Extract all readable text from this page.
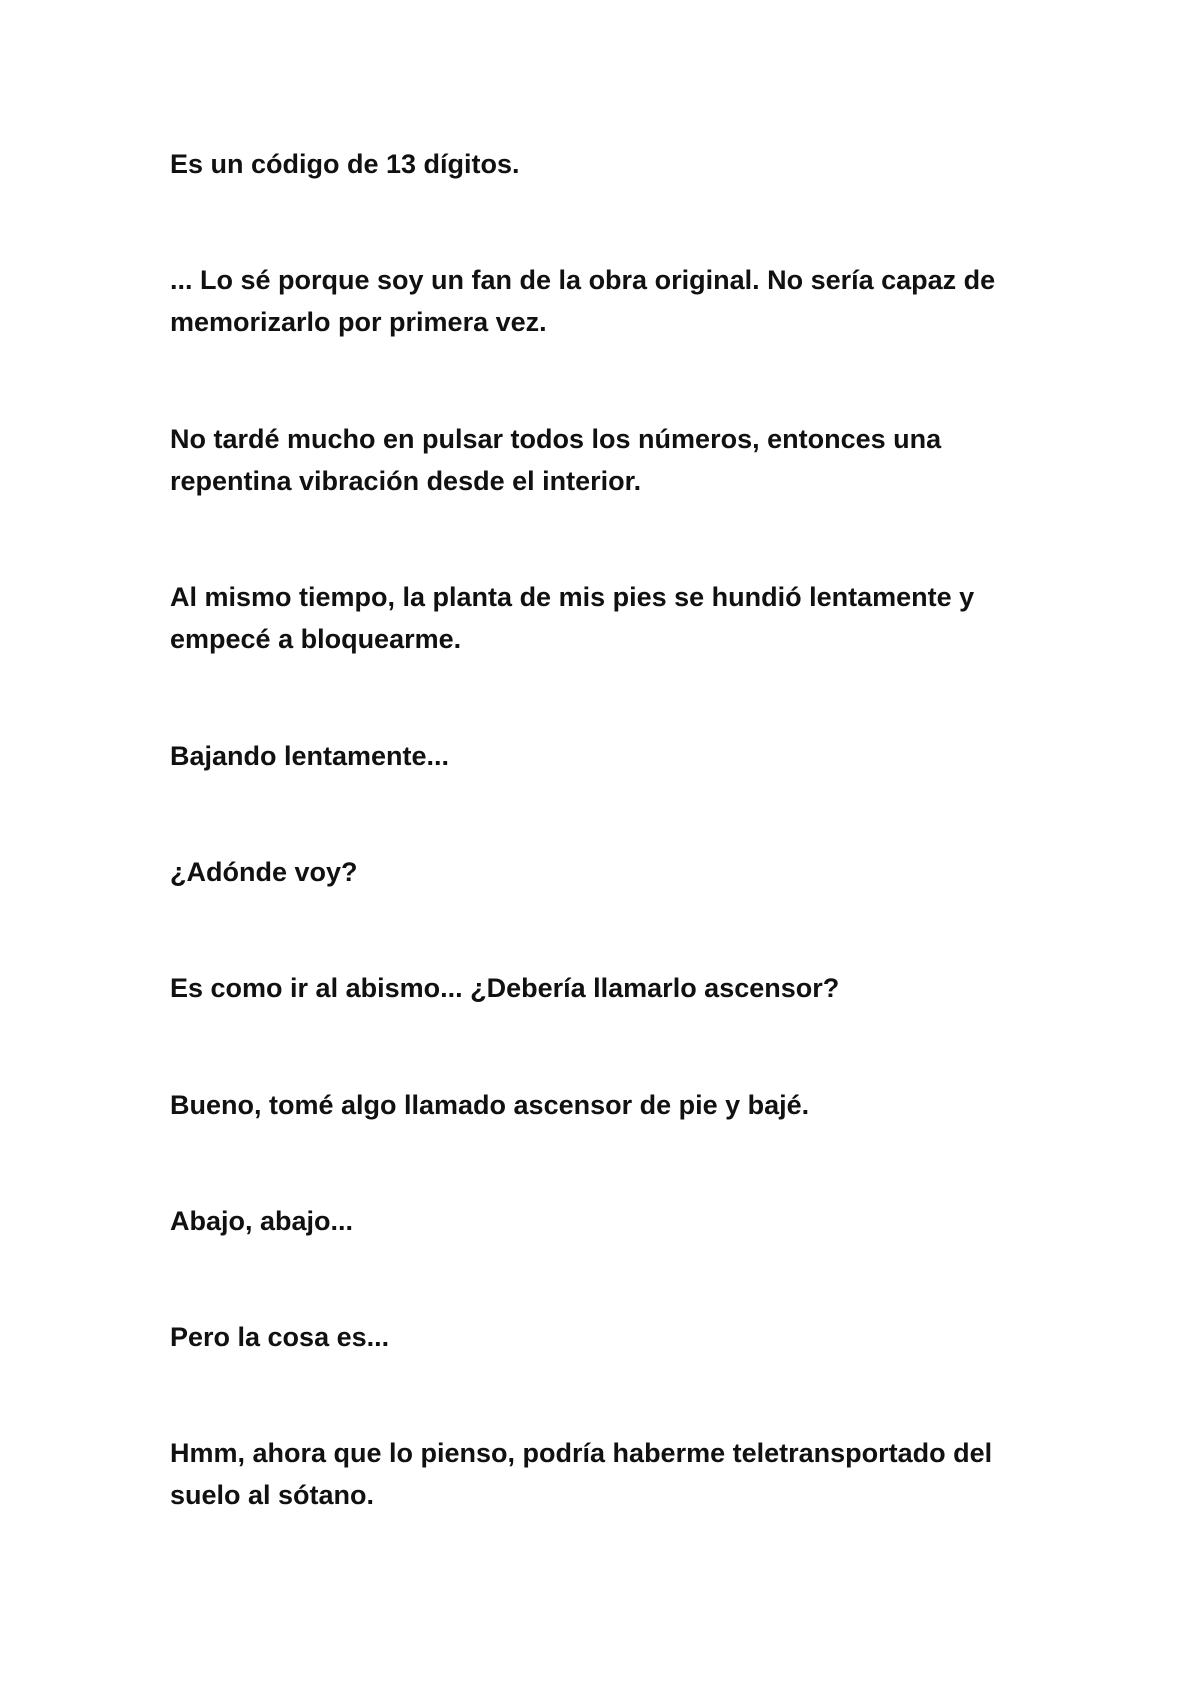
Es un código de 13 dígitos.

... Lo sé porque soy un fan de la obra original. No sería capaz de memorizarlo por primera vez.

No tardé mucho en pulsar todos los números, entonces una repentina vibración desde el interior.

Al mismo tiempo, la planta de mis pies se hundió lentamente y empecé a bloquearme.

Bajando lentamente...

¿Adónde voy?

Es como ir al abismo... ¿Debería llamarlo ascensor?

Bueno, tomé algo llamado ascensor de pie y bajé.

Abajo, abajo...

Pero la cosa es...

Hmm, ahora que lo pienso, podría haberme teletransportado del suelo al sótano.
